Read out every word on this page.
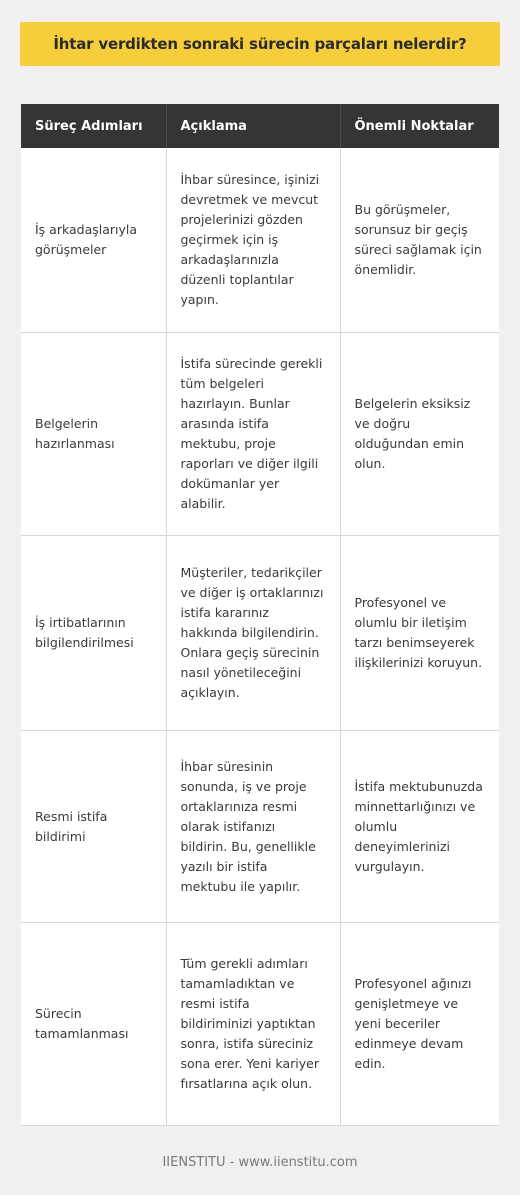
İhtar verdikten sonraki sürecin parçaları nelerdir?
Süreç Adımları	Açıklama	Önemli Noktalar
İş arkadaşlarıyla görüşmeler	İhbar süresince, işinizi devretmek ve mevcut projelerinizi gözden geçirmek için iş arkadaşlarınızla düzenli toplantılar yapın.	Bu görüşmeler, sorunsuz bir geçiş süreci sağlamak için önemlidir.
Belgelerin hazırlanması	İstifa sürecinde gerekli tüm belgeleri hazırlayın. Bunlar arasında istifa mektubu, proje raporları ve diğer ilgili dokümanlar yer alabilir.	Belgelerin eksiksiz ve doğru olduğundan emin olun.
İş irtibatlarının bilgilendirilmesi	Müşteriler, tedarikçiler ve diğer iş ortaklarınızı istifa kararınız hakkında bilgilendirin. Onlara geçiş sürecinin nasıl yönetileceğini açıklayın.	Profesyonel ve olumlu bir iletişim tarzı benimseyerek ilişkilerinizi koruyun.
Resmi istifa bildirimi	İhbar süresinin sonunda, iş ve proje ortaklarınıza resmi olarak istifanızı bildirin. Bu, genellikle yazılı bir istifa mektubu ile yapılır.	İstifa mektubunuzda minnettarlığınızı ve olumlu deneyimlerinizi vurgulayın.
Sürecin tamamlanması	Tüm gerekli adımları tamamladıktan ve resmi istifa bildiriminizi yaptıktan sonra, istifa süreciniz sona erer. Yeni kariyer fırsatlarına açık olun.	Profesyonel ağınızı genişletmeye ve yeni beceriler edinmeye devam edin.
IIENSTITU - www.iienstitu.com
